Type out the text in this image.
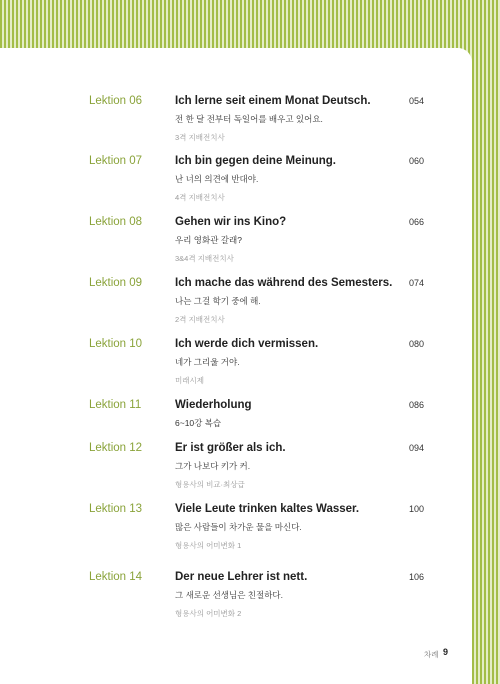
Lektion 06	Ich lerne seit einem Monat Deutsch.
전 한 달 전부터 독일어를 배우고 있어요.
3격 지배전치사
054
Lektion 07	Ich bin gegen deine Meinung.
난 너의 의견에 반대야.
4격 지배전치사
060
Lektion 08	Gehen wir ins Kino?
우리 영화관 갈래?
3&4격 지배전치사
066
Lektion 09	Ich mache das während des Semesters.
나는 그걸 학기 중에 해.
2격 지배전치사
074
Lektion 10	Ich werde dich vermissen.
네가 그리울 거야.
미래시제
080
Lektion 11	Wiederholung
6~10강 복습
086
Lektion 12	Er ist größer als ich.
그가 나보다 키가 커.
형용사의 비교·최상급
094
Lektion 13	Viele Leute trinken kaltes Wasser.
많은 사람들이 차가운 물을 마신다.
형용사의 어미변화 1
100
Lektion 14	Der neue Lehrer ist nett.
그 새로운 선생님은 친절하다.
형용사의 어미변화 2
106
차례 9
